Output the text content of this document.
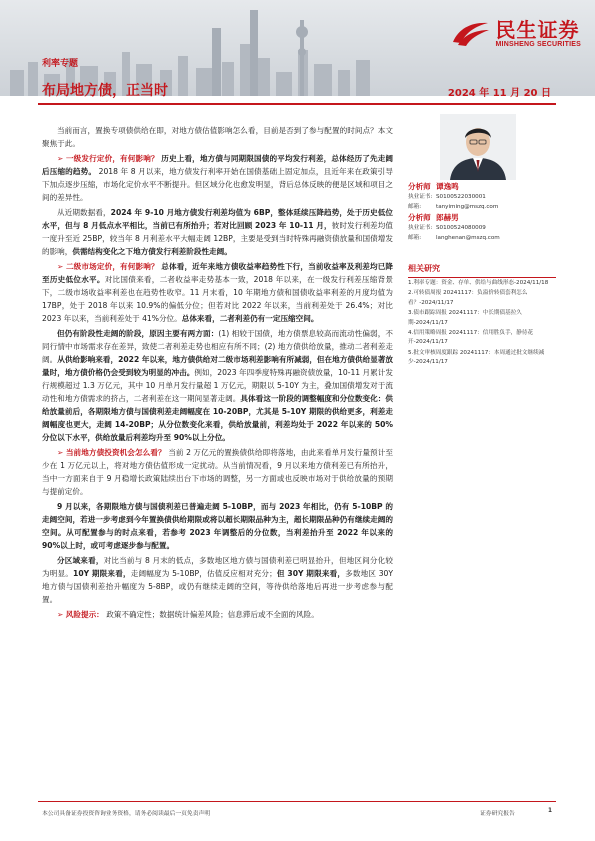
民生证券
MINSHENG SECURITIES
利率专题
布局地方债，正当时	2024 年 11 月 20 日

当前而言，置换专项债供给在即，对地方债估值影响怎么看，目前是否到了参与配置的时间点？本文聚焦于此。

➢ 一级发行定价，有何影响？ 历史上看，地方债与同期限国债的平均发行利差，总体经历了先走阔后压缩的趋势。 2018 年 8 月以来，地方债发行利率开始在国债基础上固定加点，且近年来在政策引导下加点逐步压缩，市场化定价水平不断提升。但区域分化也愈发明显，背后总体反映的便是区域和项目之间的差异性。

从近期数据看，2024 年 9-10 月地方债发行利差均值为 6BP，整体延续压降趋势，处于历史低位水平，但与 8 月低点水平相比，当前已有所抬升；若对比回顾 2023 年 10-11 月，彼时发行利差均值一度升至近 25BP，较当年 8 月利差水平大幅走阔 12BP，主要是受到当时特殊再融资债放量和国债增发的影响，供需结构变化之下地方债发行利差阶段性走阔。

➢ 二级市场定价，有何影响？ 总体看，近年来地方债收益率趋势性下行，当前收益率及利差均已降至历史低位水平。对比国债来看，二者收益率走势基本一致，2018 年以来，在一级发行利差压缩背景下，二级市场收益率利差也在趋势性收窄。11 月末看，10 年期地方债和国债收益率利差的月度均值为 17BP，处于 2018 年以来 10.9%的偏低分位；但若对比 2022 年以来，当前利差处于 26.4%；对比 2023 年以来，当前利差处于 41%分位。总体来看，二者利差仍有一定压缩空间。

但仍有阶段性走阔的阶段，原因主要有两方面：(1) 相较于国债，地方债票息较高而流动性偏弱，不同行情中市场需求存在差异，致使二者利差走势也相应有所不同；(2) 地方债供给放量，推动二者利差走阔。从供给影响来看，2022 年以来，地方债供给对二级市场利差影响有所减弱，但在地方债供给显著放量时，地方债价格仍会受到较为明显的冲击。例如，2023 年四季度特殊再融资债放量，10-11 月累计发行规模超过 1.3 万亿元，其中 10 月单月发行量超 1 万亿元，期限以 5-10Y 为主，叠加国债增发对于流动性和地方债需求的挤占，二者利差在这一期间显著走阔。具体看这一阶段的调整幅度和分位数变化：供给放量前后，各期限地方债与国债利差走阔幅度在 10-20BP，尤其是 5-10Y 期限的供给更多，利差走阔幅度也更大，走阔 14-20BP；从分位数变化来看，供给放量前，利差均处于 2022 年以来的 50%分位以下水平，供给放量后利差均升至 90%以上分位。

➢ 当前地方债投资机会怎么看？ 当前 2 万亿元的置换债供给即将落地，由此来看单月发行量预计至少在 1 万亿元以上，将对地方债估值形成一定扰动。从当前情况看，9 月以来地方债利差已有所抬升，当中一方面来自于 9 月稳增长政策陆续出台下市场的调整，另一方面或也反映市场对于供给放量的预期与提前定价。

9 月以来，各期限地方债与国债利差已普遍走阔 5-10BP，而与 2023 年相比，仍有 5-10BP 的走阔空间，若进一步考虑到今年置换债供给期限或将以超长期限品种为主，超长期限品种仍有继续走阔的空间。从可配置参与的时点来看，若参考 2023 年调整后的分位数，当利差抬升至 2022 年以来的 90%以上时，或可考虑逐步参与配置。

分区域来看，对比当前与 8 月末的低点，多数地区地方债与国债利差已明显抬升，但地区间分化较为明显。10Y 期限来看，走阔幅度为 5-10BP，估值反应相对充分；但 30Y 期限来看，多数地区 30Y 地方债与国债利差抬升幅度为 5-8BP，或仍有继续走阔的空间，等待供给落地后再进一步考虑参与配置。

➢ 风险提示： 政策不确定性；数据统计偏差风险；信息滞后或不全面的风险。

分析师 谭逸鸣
执业证书: S0100522030001
邮箱:	tanyiming@mszq.com
分析师 郎赫男
执业证书: S0100524080009
邮箱:	langhenan@mszq.com
相关研究
1.利率专题：资金、存单、供给与曲线形态-2024/11/18
2.可转债周报 20241117：负溢价转债套利怎么看？-2024/11/17
3.债市跟踪周报 20241117：中长期债基拉久期-2024/11/17
4.信用策略周报 20241117：信用胜负手，静待花开-2024/11/17
5.批文审核周度跟踪 20241117：本周通过批文继续减少-2024/11/17
本公司具备证券投资咨询业务资格，请务必阅读最后一页免责声明	证券研究报告	1
